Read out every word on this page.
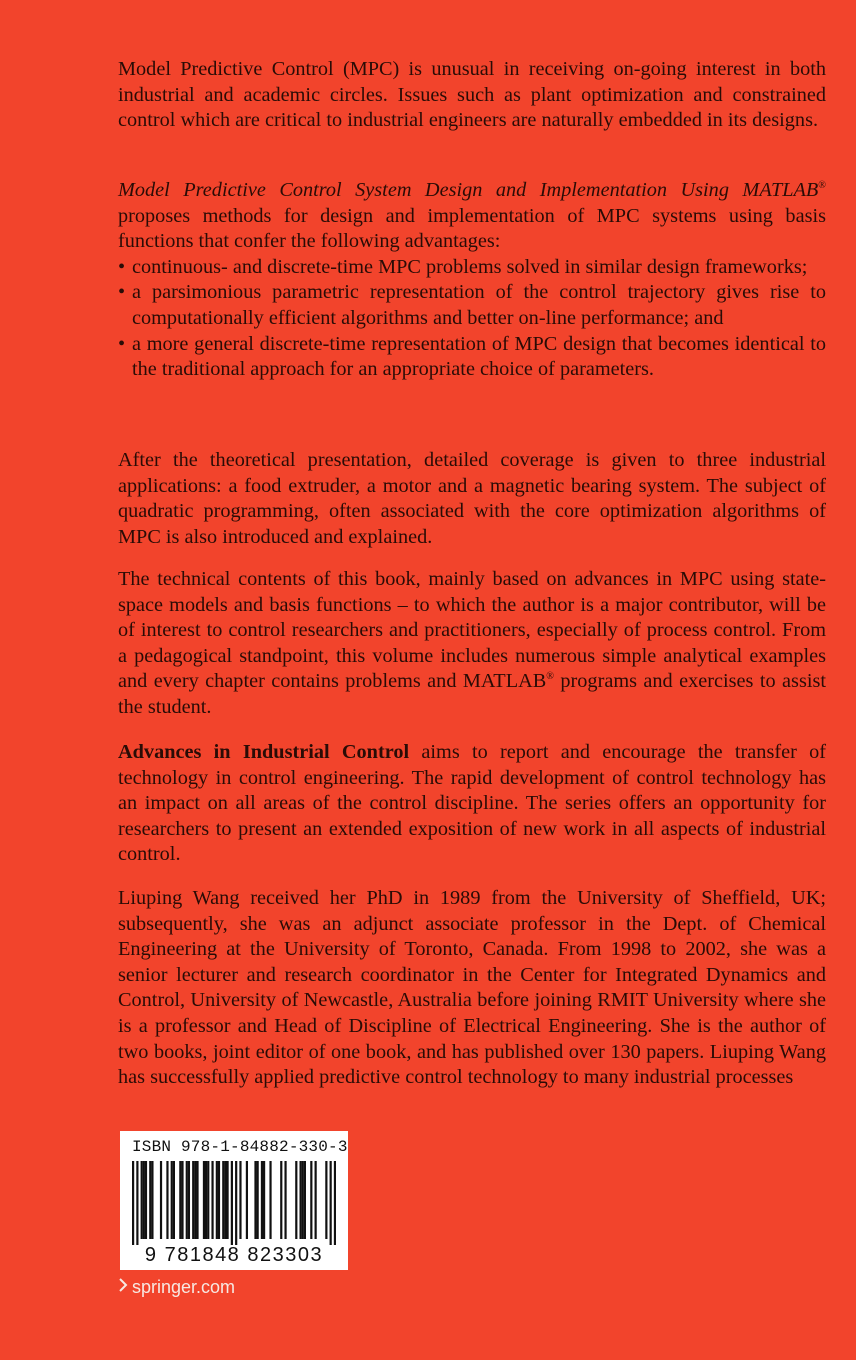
Model Predictive Control (MPC) is unusual in receiving on-going interest in both industrial and academic circles. Issues such as plant optimization and constrained control which are critical to industrial engineers are naturally embedded in its designs.

Model Predictive Control System Design and Implementation Using MATLAB® proposes methods for design and implementation of MPC systems using basis functions that confer the following advantages:

• continuous- and discrete-time MPC problems solved in similar design frameworks;
• a parsimonious parametric representation of the control trajectory gives rise to computationally efficient algorithms and better on-line performance; and
• a more general discrete-time representation of MPC design that becomes identical to the traditional approach for an appropriate choice of parameters.

After the theoretical presentation, detailed coverage is given to three industrial applications: a food extruder, a motor and a magnetic bearing system. The subject of quadratic programming, often associated with the core optimization algorithms of MPC is also introduced and explained.

The technical contents of this book, mainly based on advances in MPC using state-space models and basis functions – to which the author is a major contributor, will be of interest to control researchers and practitioners, especially of process control. From a pedagogical standpoint, this volume includes numerous simple analytical examples and every chapter contains problems and MATLAB® programs and exercises to assist the student.

Advances in Industrial Control aims to report and encourage the transfer of technology in control engineering. The rapid development of control technology has an impact on all areas of the control discipline. The series offers an opportunity for researchers to present an extended exposition of new work in all aspects of industrial control.

Liuping Wang received her PhD in 1989 from the University of Sheffield, UK; subsequently, she was an adjunct associate professor in the Dept. of Chemical Engineering at the University of Toronto, Canada. From 1998 to 2002, she was a senior lecturer and research coordinator in the Center for Integrated Dynamics and Control, University of Newcastle, Australia before joining RMIT University where she is a professor and Head of Discipline of Electrical Engineering. She is the author of two books, joint editor of one book, and has published over 130 papers. Liuping Wang has successfully applied predictive control technology to many industrial processes

ISBN 978-1-84882-330-3
9 781848 823303
springer.com
